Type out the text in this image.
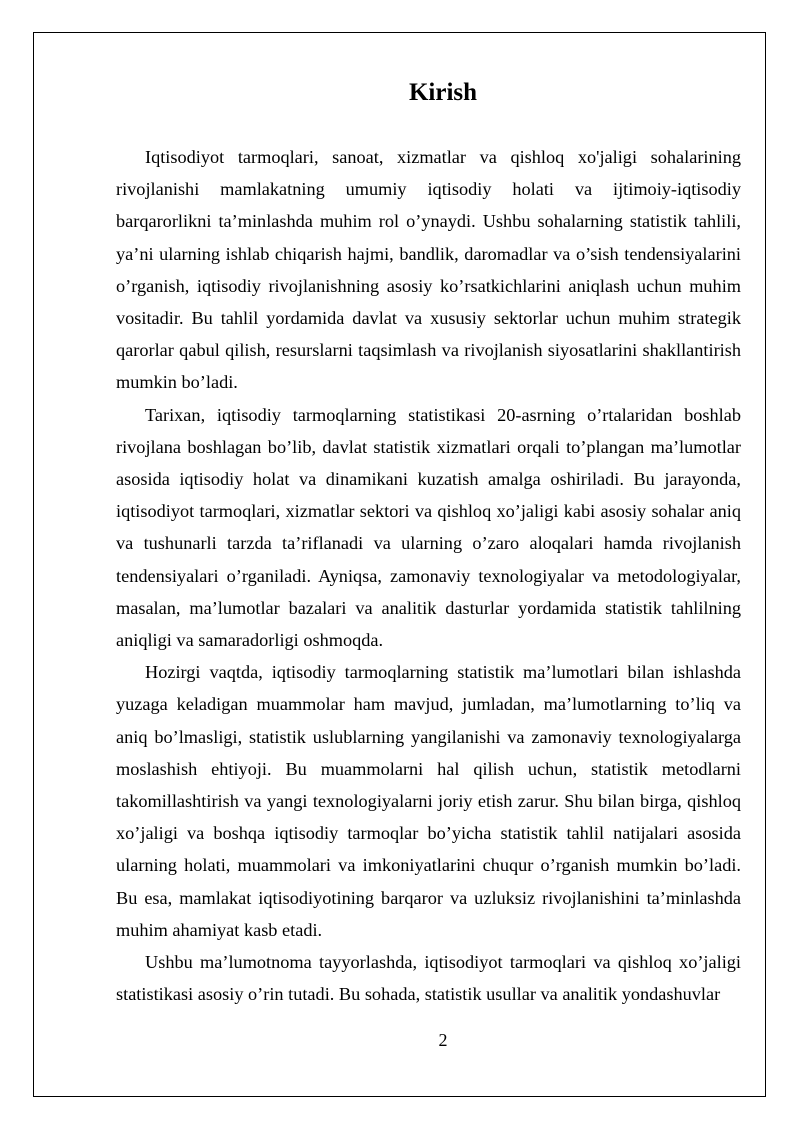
Kirish

Iqtisodiyot tarmoqlari, sanoat, xizmatlar va qishloq xo'jaligi sohalarining rivojlanishi mamlakatning umumiy iqtisodiy holati va ijtimoiy-iqtisodiy barqarorlikni ta’minlashda muhim rol o’ynaydi. Ushbu sohalarning statistik tahlili, ya’ni ularning ishlab chiqarish hajmi, bandlik, daromadlar va o’sish tendensiyalarini o’rganish, iqtisodiy rivojlanishning asosiy ko’rsatkichlarini aniqlash uchun muhim vositadir. Bu tahlil yordamida davlat va xususiy sektorlar uchun muhim strategik qarorlar qabul qilish, resurslarni taqsimlash va rivojlanish siyosatlarini shakllantirish mumkin bo’ladi.

Tarixan, iqtisodiy tarmoqlarning statistikasi 20-asrning o’rtalaridan boshlab rivojlana boshlagan bo’lib, davlat statistik xizmatlari orqali to’plangan ma’lumotlar asosida iqtisodiy holat va dinamikani kuzatish amalga oshiriladi. Bu jarayonda, iqtisodiyot tarmoqlari, xizmatlar sektori va qishloq xo’jaligi kabi asosiy sohalar aniq va tushunarli tarzda ta’riflanadi va ularning o’zaro aloqalari hamda rivojlanish tendensiyalari o’rganiladi. Ayniqsa, zamonaviy texnologiyalar va metodologiyalar, masalan, ma’lumotlar bazalari va analitik dasturlar yordamida statistik tahlilning aniqligi va samaradorligi oshmoqda.

Hozirgi vaqtda, iqtisodiy tarmoqlarning statistik ma’lumotlari bilan ishlashda yuzaga keladigan muammolar ham mavjud, jumladan, ma’lumotlarning to’liq va aniq bo’lmasligi, statistik uslublarning yangilanishi va zamonaviy texnologiyalarga moslashish ehtiyoji. Bu muammolarni hal qilish uchun, statistik metodlarni takomillashtirish va yangi texnologiyalarni joriy etish zarur. Shu bilan birga, qishloq xo’jaligi va boshqa iqtisodiy tarmoqlar bo’yicha statistik tahlil natijalari asosida ularning holati, muammolari va imkoniyatlarini chuqur o’rganish mumkin bo’ladi. Bu esa, mamlakat iqtisodiyotining barqaror va uzluksiz rivojlanishini ta’minlashda muhim ahamiyat kasb etadi.

Ushbu ma’lumotnoma tayyorlashda, iqtisodiyot tarmoqlari va qishloq xo’jaligi statistikasi asosiy o’rin tutadi. Bu sohada, statistik usullar va analitik yondashuvlar

2
